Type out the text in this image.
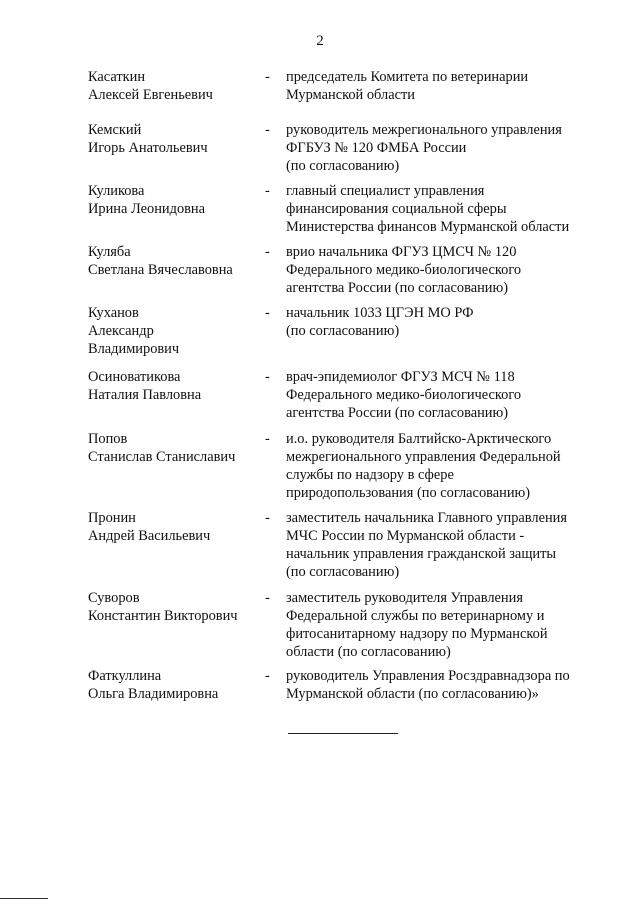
2
Касаткин
Алексей Евгеньевич
- председатель Комитета по ветеринарии
Мурманской области
Кемский
Игорь Анатольевич
- руководитель межрегионального управления
ФГБУЗ № 120 ФМБА России
(по согласованию)
Куликова
Ирина Леонидовна
- главный специалист управления
финансирования социальной сферы
Министерства финансов Мурманской области
Куляба
Светлана Вячеславовна
- врио начальника ФГУЗ ЦМСЧ № 120
Федерального медико-биологического
агентства России (по согласованию)
Куханов
Александр
Владимирович
- начальник 1033 ЦГЭН МО РФ
(по согласованию)
Осиноватикова
Наталия Павловна
- врач-эпидемиолог ФГУЗ МСЧ № 118
Федерального медико-биологического
агентства России (по согласованию)
Попов
Станислав Станиславич
- и.о. руководителя Балтийско-Арктического
межрегионального управления Федеральной
службы по надзору в сфере
природопользования (по согласованию)
Пронин
Андрей Васильевич
- заместитель начальника Главного управления
МЧС России по Мурманской области -
начальник управления гражданской защиты
(по согласованию)
Суворов
Константин Викторович
- заместитель руководителя Управления
Федеральной службы по ветеринарному и
фитосанитарному надзору по Мурманской
области (по согласованию)
Фаткуллина
Ольга Владимировна
- руководитель Управления Росздравнадзора по
Мурманской области (по согласованию)»
